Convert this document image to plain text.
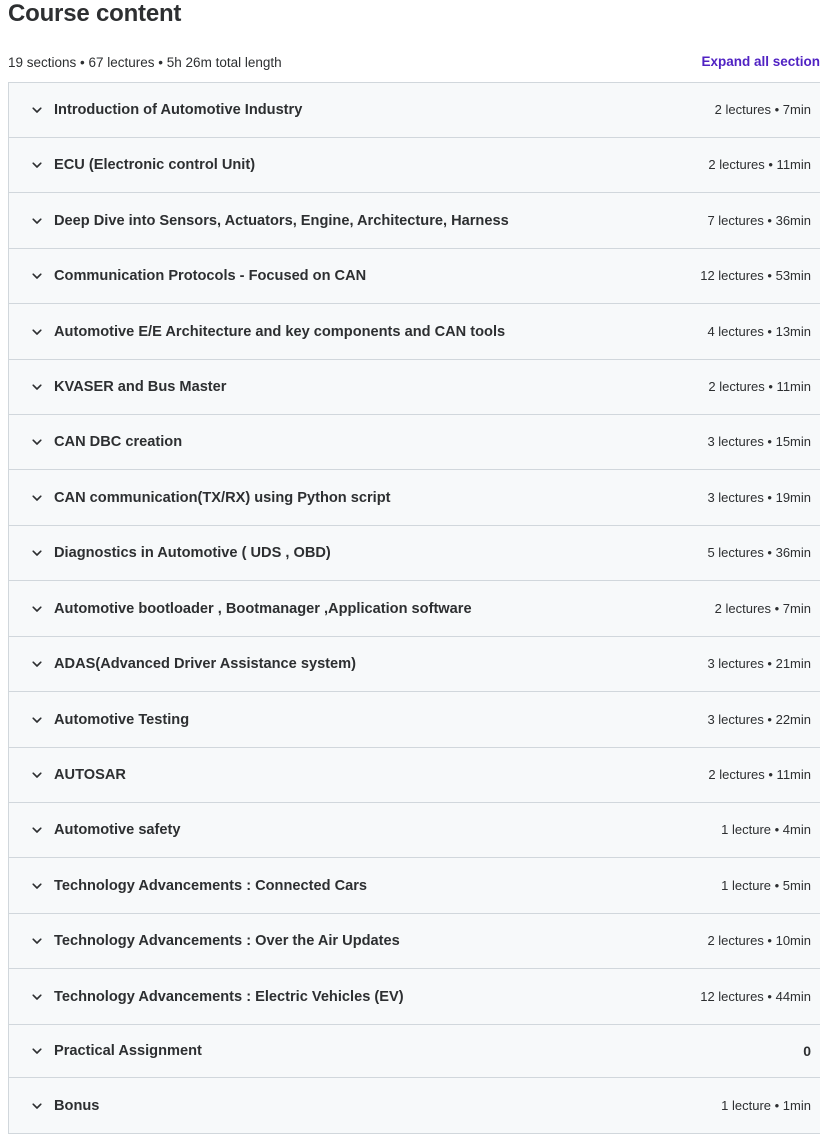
Course content
19 sections • 67 lectures • 5h 26m total length	Expand all section
Introduction of Automotive Industry	2 lectures • 7min
ECU (Electronic control Unit)	2 lectures • 11min
Deep Dive into Sensors, Actuators, Engine, Architecture, Harness	7 lectures • 36min
Communication Protocols - Focused on CAN	12 lectures • 53min
Automotive E/E Architecture and key components and CAN tools	4 lectures • 13min
KVASER and Bus Master	2 lectures • 11min
CAN DBC creation	3 lectures • 15min
CAN communication(TX/RX) using Python script	3 lectures • 19min
Diagnostics in Automotive ( UDS , OBD)	5 lectures • 36min
Automotive bootloader , Bootmanager ,Application software	2 lectures • 7min
ADAS(Advanced Driver Assistance system)	3 lectures • 21min
Automotive Testing	3 lectures • 22min
AUTOSAR	2 lectures • 11min
Automotive safety	1 lecture • 4min
Technology Advancements : Connected Cars	1 lecture • 5min
Technology Advancements : Over the Air Updates	2 lectures • 10min
Technology Advancements : Electric Vehicles (EV)	12 lectures • 44min
Practical Assignment	0
Bonus	1 lecture • 1min
